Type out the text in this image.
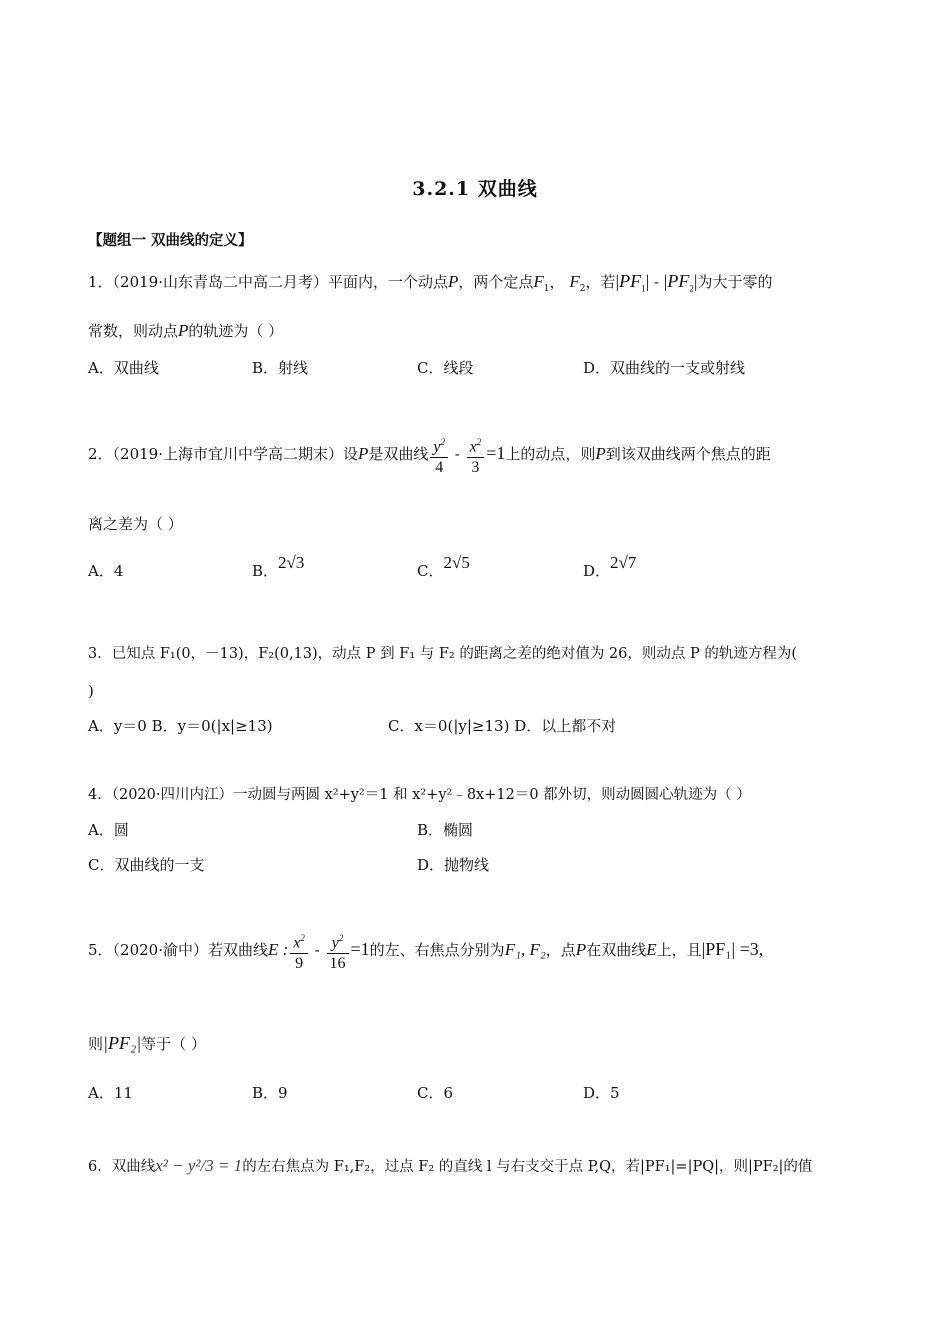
3.2.1 双曲线
【题组一 双曲线的定义】
1．（2019·山东青岛二中高二月考）平面内，一个动点P，两个定点$F_1$， $F_2$，若$|PF_1| - |PF_2|$为大于零的
常数，则动点P的轨迹为（ ）
A．双曲线	B．射线	C．线段	D．双曲线的一支或射线
2．（2019·上海市宜川中学高二期末）设P是双曲线 $\frac{y^2}{4} - \frac{x^2}{3} =1$上的动点，则P到该双曲线两个焦点的距
离之差为（ ）
A．4	B．2√3	C．2√5	D．2√7
3．已知点 F₁(0，－13)，F₂(0,13)，动点 P 到 F₁ 与 F₂ 的距离之差的绝对值为 26，则动点 P 的轨迹方程为(
)
A．y＝0 B．y＝0(|x|≥13)	C．x＝0(|y|≥13) D．以上都不对
4．（2020·四川内江）一动圆与两圆 x²+y²＝1 和 x²+y²﹣8x+12＝0 都外切，则动圆圆心轨迹为（ ）
A．圆	B．椭圆
C．双曲线的一支	D．抛物线
5．（2020·渝中）若双曲线E : $\frac{x^2}{9} - \frac{y^2}{16} =1$的左、右焦点分别为F₁, F₂，点P在双曲线E上，且|PF₁| =3,
则|PF₂|等于（ ）
A．11	B．9	C．6	D．5
6．双曲线x² − y²/3 = 1的左右焦点为 F₁,F₂，过点 F₂ 的直线 l 与右支交于点 P,Q，若|PF₁|=|PQ|，则|PF₂|的值
